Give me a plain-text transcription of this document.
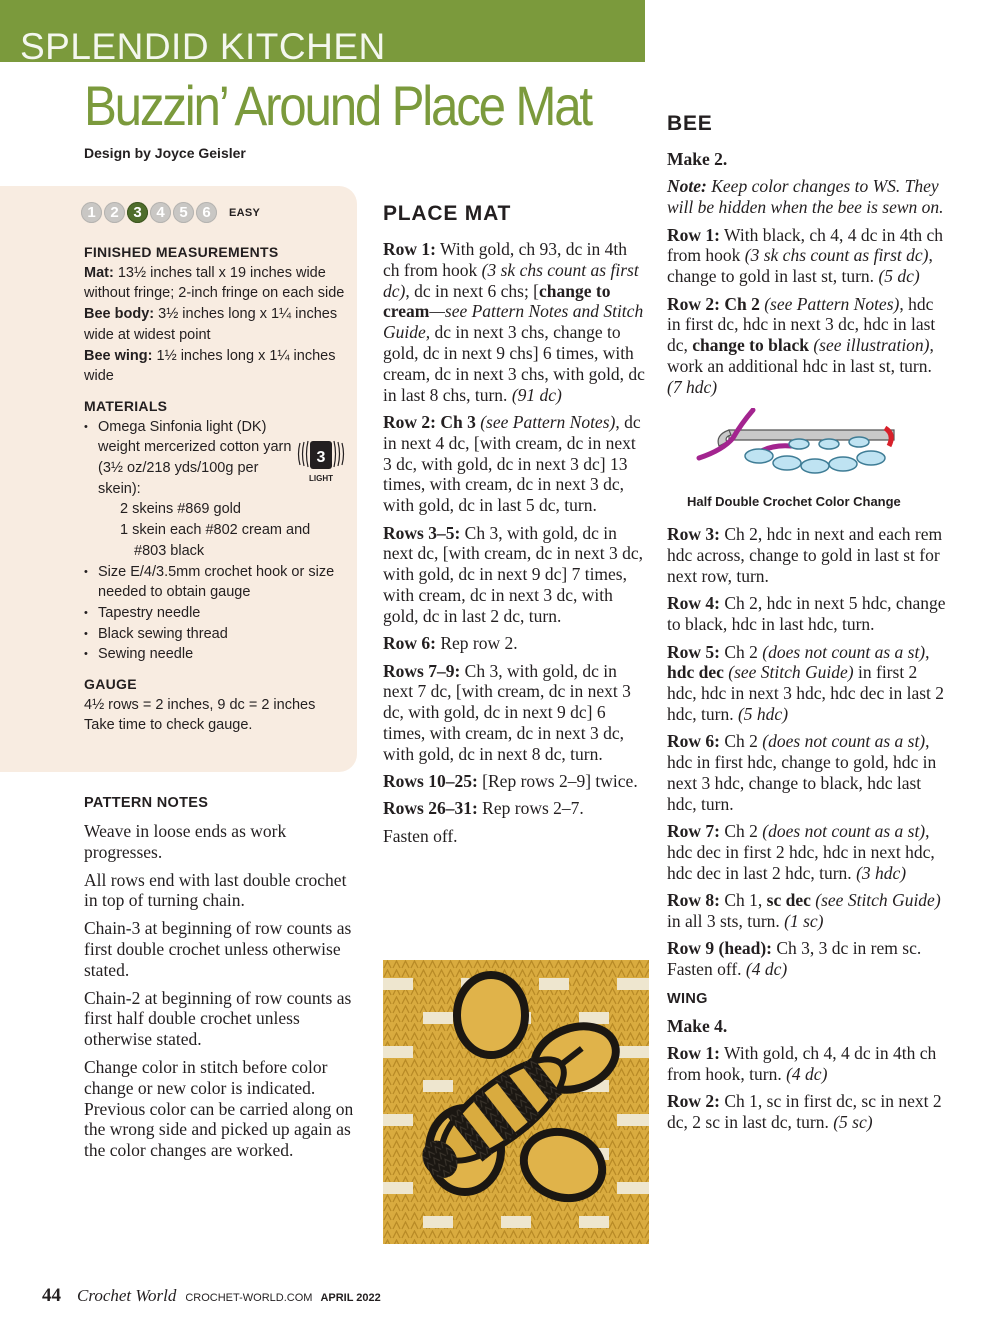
SPLENDID KITCHEN
Buzzin’ Around Place Mat
Design by Joyce Geisler
1 2 3 4 5 6	EASY
FINISHED MEASUREMENTS

Mat: 13½ inches tall x 19 inches wide without fringe; 2-inch fringe on each side

Bee body: 3½ inches long x 1¼ inches wide at widest point

Bee wing: 1½ inches long x 1¼ inches wide

MATERIALS
• Omega Sinfonia light (DK) weight mercerized cotton yarn (3½ oz/218 yds/100g per skein):
2 skeins #869 gold
1 skein each #802 cream and
#803 black
• Size E/4/3.5mm crochet hook or size needed to obtain gauge
• Tapestry needle
• Black sewing thread
• Sewing needle
GAUGE

4½ rows = 2 inches, 9 dc = 2 inches

Take time to check gauge.

3
LIGHT
PATTERN NOTES

Weave in loose ends as work progresses.

All rows end with last double crochet in top of turning chain.

Chain-3 at beginning of row counts as first double crochet unless otherwise stated.

Chain-2 at beginning of row counts as first half double crochet unless otherwise stated.

Change color in stitch before color change or new color is indicated. Previous color can be carried along on the wrong side and picked up again as the color changes are worked.

PLACE MAT

Row 1: With gold, ch 93, dc in 4th ch from hook (3 sk chs count as first dc), dc in next 6 chs; [change to cream—see Pattern Notes and Stitch Guide, dc in next 3 chs, change to gold, dc in next 9 chs] 6 times, with cream, dc in next 3 chs, with gold, dc in last 8 chs, turn. (91 dc)

Row 2: Ch 3 (see Pattern Notes), dc in next 4 dc, [with cream, dc in next 3 dc, with gold, dc in next 3 dc] 13 times, with cream, dc in next 3 dc, with gold, dc in last 5 dc, turn.

Rows 3–5: Ch 3, with gold, dc in next dc, [with cream, dc in next 3 dc, with gold, dc in next 9 dc] 7 times, with cream, dc in next 3 dc, with gold, dc in last 2 dc, turn.

Row 6: Rep row 2.

Rows 7–9: Ch 3, with gold, dc in next 7 dc, [with cream, dc in next 3 dc, with gold, dc in next 9 dc] 6 times, with cream, dc in next 3 dc, with gold, dc in next 8 dc, turn.

Rows 10–25: [Rep rows 2–9] twice.

Rows 26–31: Rep rows 2–7.

Fasten off.

BEE

Make 2.

Note: Keep color changes to WS. They will be hidden when the bee is sewn on.

Row 1: With black, ch 4, 4 dc in 4th ch from hook (3 sk chs count as first dc), change to gold in last st, turn. (5 dc)

Row 2: Ch 2 (see Pattern Notes), hdc in first dc, hdc in next 3 dc, hdc in last dc, change to black (see illustration), work an additional hdc in last st, turn. (7 hdc)

Half Double Crochet Color Change

Row 3: Ch 2, hdc in next and each rem hdc across, change to gold in last st for next row, turn.

Row 4: Ch 2, hdc in next 5 hdc, change to black, hdc in last hdc, turn.

Row 5: Ch 2 (does not count as a st), hdc dec (see Stitch Guide) in first 2 hdc, hdc in next 3 hdc, hdc dec in last 2 hdc, turn. (5 hdc)

Row 6: Ch 2 (does not count as a st), hdc in first hdc, change to gold, hdc in next 3 hdc, change to black, hdc last hdc, turn.

Row 7: Ch 2 (does not count as a st), hdc dec in first 2 hdc, hdc in next hdc, hdc dec in last 2 hdc, turn. (3 hdc)

Row 8: Ch 1, sc dec (see Stitch Guide) in all 3 sts, turn. (1 sc)

Row 9 (head): Ch 3, 3 dc in rem sc. Fasten off. (4 dc)

WING

Make 4.

Row 1: With gold, ch 4, 4 dc in 4th ch from hook, turn. (4 dc)

Row 2: Ch 1, sc in first dc, sc in next 2 dc, 2 sc in last dc, turn. (5 sc)

44 Crochet World CROCHET-WORLD.COM APRIL 2022
